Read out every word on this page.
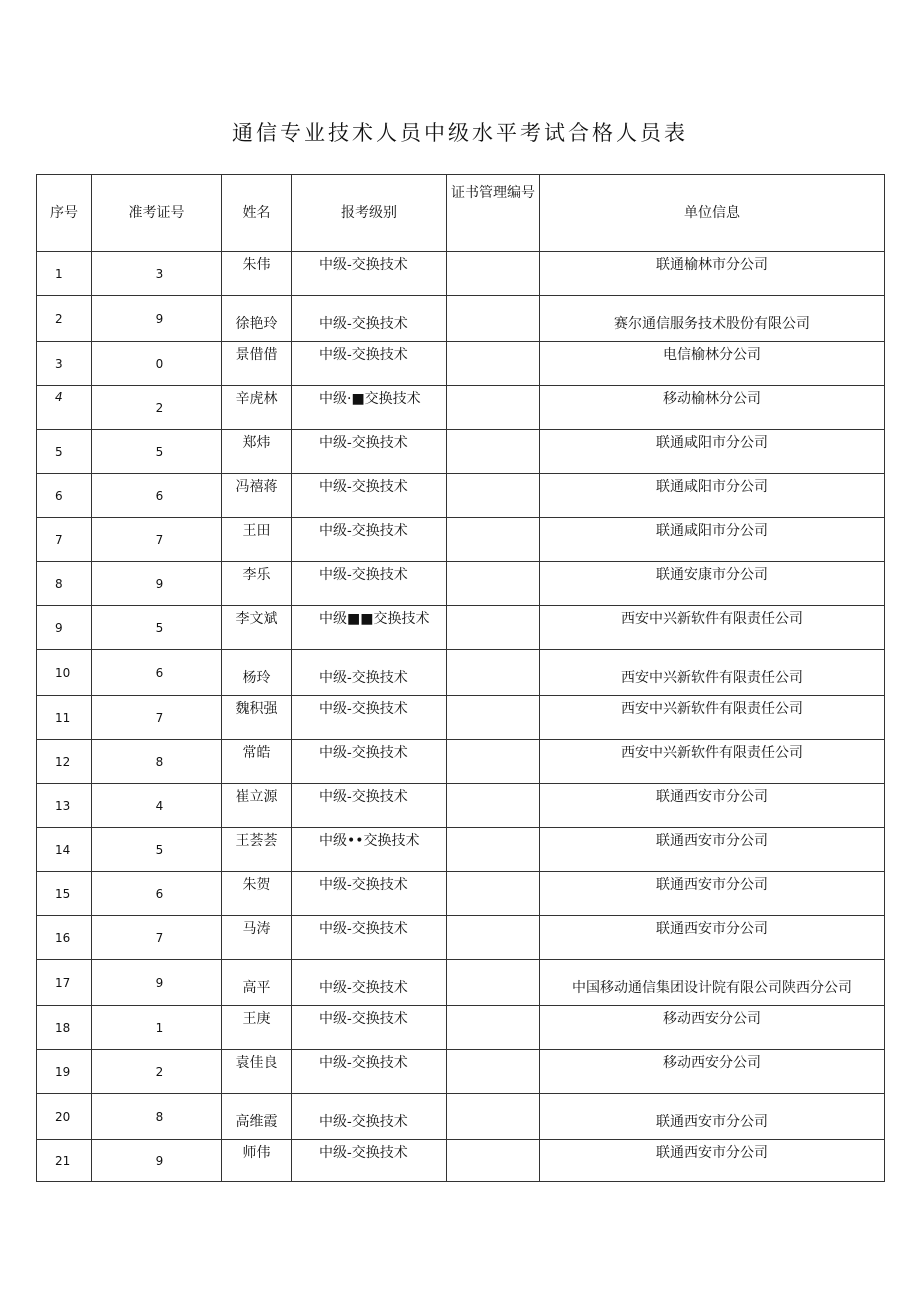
通信专业技术人员中级水平考试合格人员表
序号	准考证号	姓名	报考级别	证书管理编号	单位信息
1	3	朱伟	中级-交换技术		联通榆林市分公司
2	9	徐艳玲	中级-交换技术		赛尔通信服务技术股份有限公司
3	0	景借借	中级-交换技术		电信榆林分公司
4	2	辛虎林	中级·■交换技术		移动榆林分公司
5	5	郑炜	中级-交换技术		联通咸阳市分公司
6	6	冯禧蒋	中级-交换技术		联通咸阳市分公司
7	7	王田	中级-交换技术		联通咸阳市分公司
8	9	李乐	中级-交换技术		联通安康市分公司
9	5	李文斌	中级■■交换技术		西安中兴新软件有限责任公司
10	6	杨玲	中级-交换技术		西安中兴新软件有限责任公司
11	7	魏积强	中级-交换技术		西安中兴新软件有限责任公司
12	8	常皓	中级-交换技术		西安中兴新软件有限责任公司
13	4	崔立源	中级-交换技术		联通西安市分公司
14	5	王荟荟	中级••交换技术		联通西安市分公司
15	6	朱贺	中级-交换技术		联通西安市分公司
16	7	马涛	中级-交换技术		联通西安市分公司
17	9	高平	中级-交换技术		中国移动通信集团设计院有限公司陕西分公司
18	1	王庚	中级-交换技术		移动西安分公司
19	2	袁佳良	中级-交换技术		移动西安分公司
20	8	高维霞	中级-交换技术		联通西安市分公司
21	9	师伟	中级-交换技术		联通西安市分公司
